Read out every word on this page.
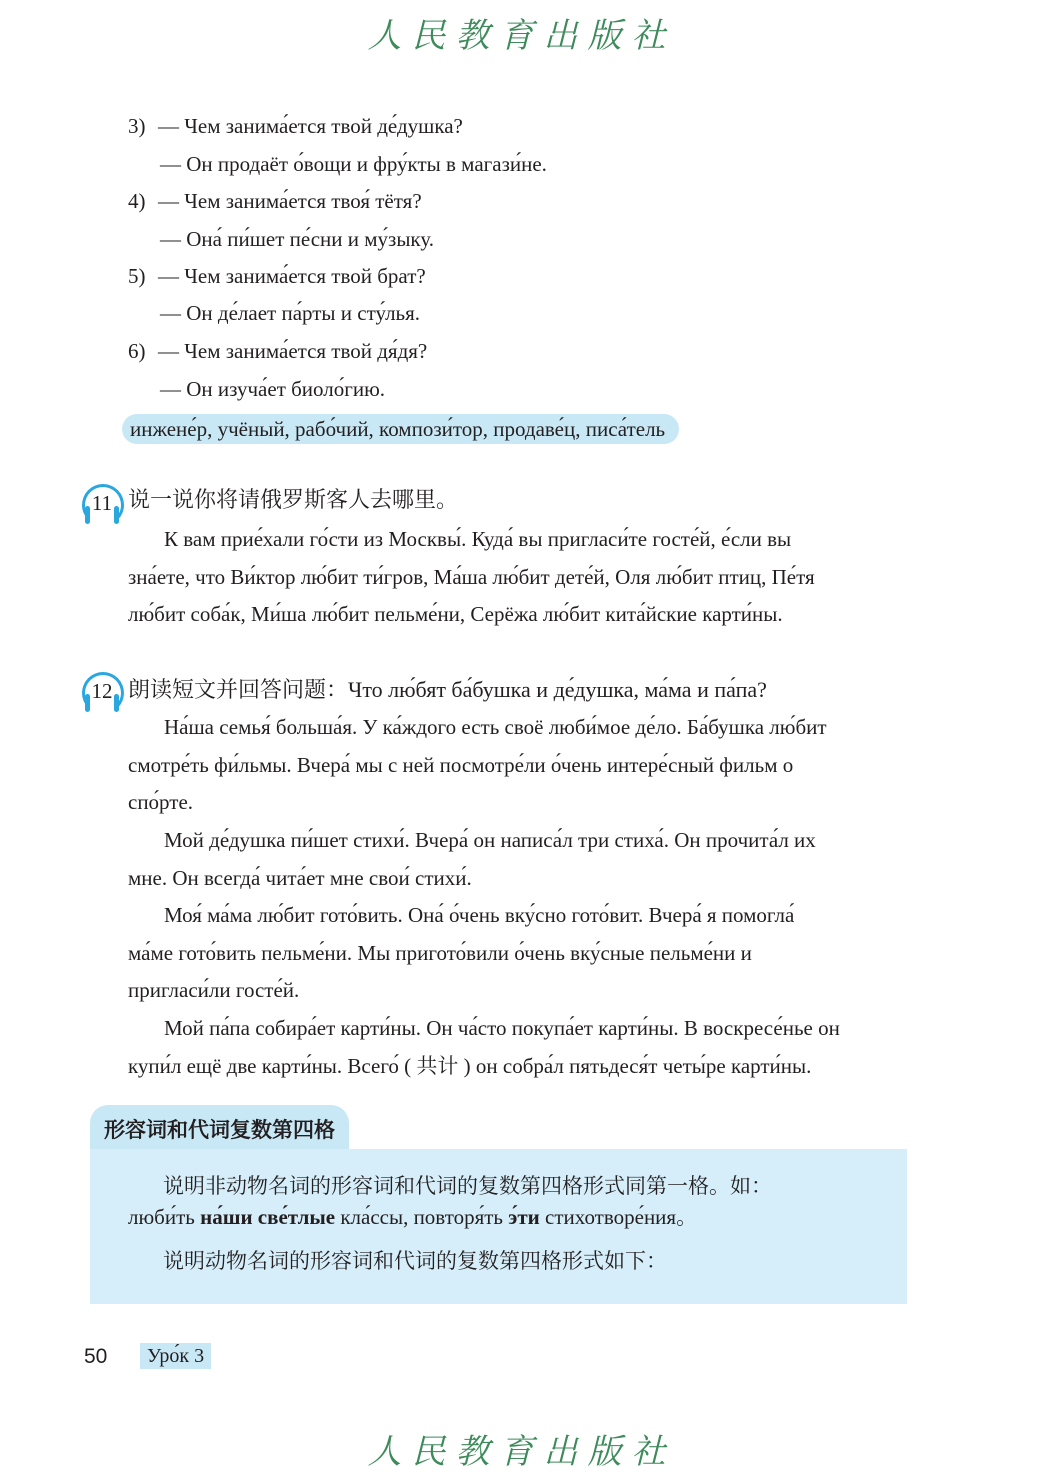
人民教育出版社
3) — Чем занима́ется твой де́душка?
— Он продаёт о́вощи и фру́кты в магази́не.
4) — Чем занима́ется твоя́ тётя?
— Она́ пи́шет пе́сни и му́зыку.
5) — Чем занима́ется твой брат?
— Он де́лает па́рты и сту́лья.
6) — Чем занима́ется твой дя́дя?
— Он изуча́ет биоло́гию.
инжене́р, учёный, рабо́чий, компози́тор, продаве́ц, писа́тель
11 说一说你将请俄罗斯客人去哪里。
К вам прие́хали го́сти из Москвы́. Куда́ вы пригласи́те госте́й, е́сли вы
зна́ете, что Ви́ктор лю́бит ти́гров, Ма́ша лю́бит дете́й, Оля лю́бит птиц, Пе́тя
лю́бит соба́к, Ми́ша лю́бит пельме́ни, Серёжа лю́бит кита́йские карти́ны.
12 朗读短文并回答问题：Что лю́бят ба́бушка и де́душка, ма́ма и па́па?
На́ша семья́ больша́я. У ка́ждого есть своё люби́мое де́ло. Ба́бушка лю́бит
смотре́ть фи́льмы. Вчера́ мы с ней посмотре́ли о́чень интере́сный фильм о
спо́рте.
Мой де́душка пи́шет стихи́. Вчера́ он написа́л три стиха́. Он прочита́л их
мне. Он всегда́ чита́ет мне свои́ стихи́.
Моя́ ма́ма лю́бит гото́вить. Она́ о́чень вку́сно гото́вит. Вчера́ я помогла́
ма́ме гото́вить пельме́ни. Мы пригото́вили о́чень вку́сные пельме́ни и
пригласи́ли госте́й.
Мой па́па собира́ет карти́ны. Он ча́сто покупа́ет карти́ны. В воскресе́нье он
купи́л ещё две карти́ны. Всего́ ( 共计 ) он собра́л пятьдеся́т четы́ре карти́ны.
形容词和代词复数第四格
说明非动物名词的形容词和代词的复数第四格形式同第一格。如：
люби́ть на́ши све́тлые кла́ссы, повторя́ть э́ти стихотворе́ния。
说明动物名词的形容词和代词的复数第四格形式如下：
50	Уро́к 3
人民教育出版社
